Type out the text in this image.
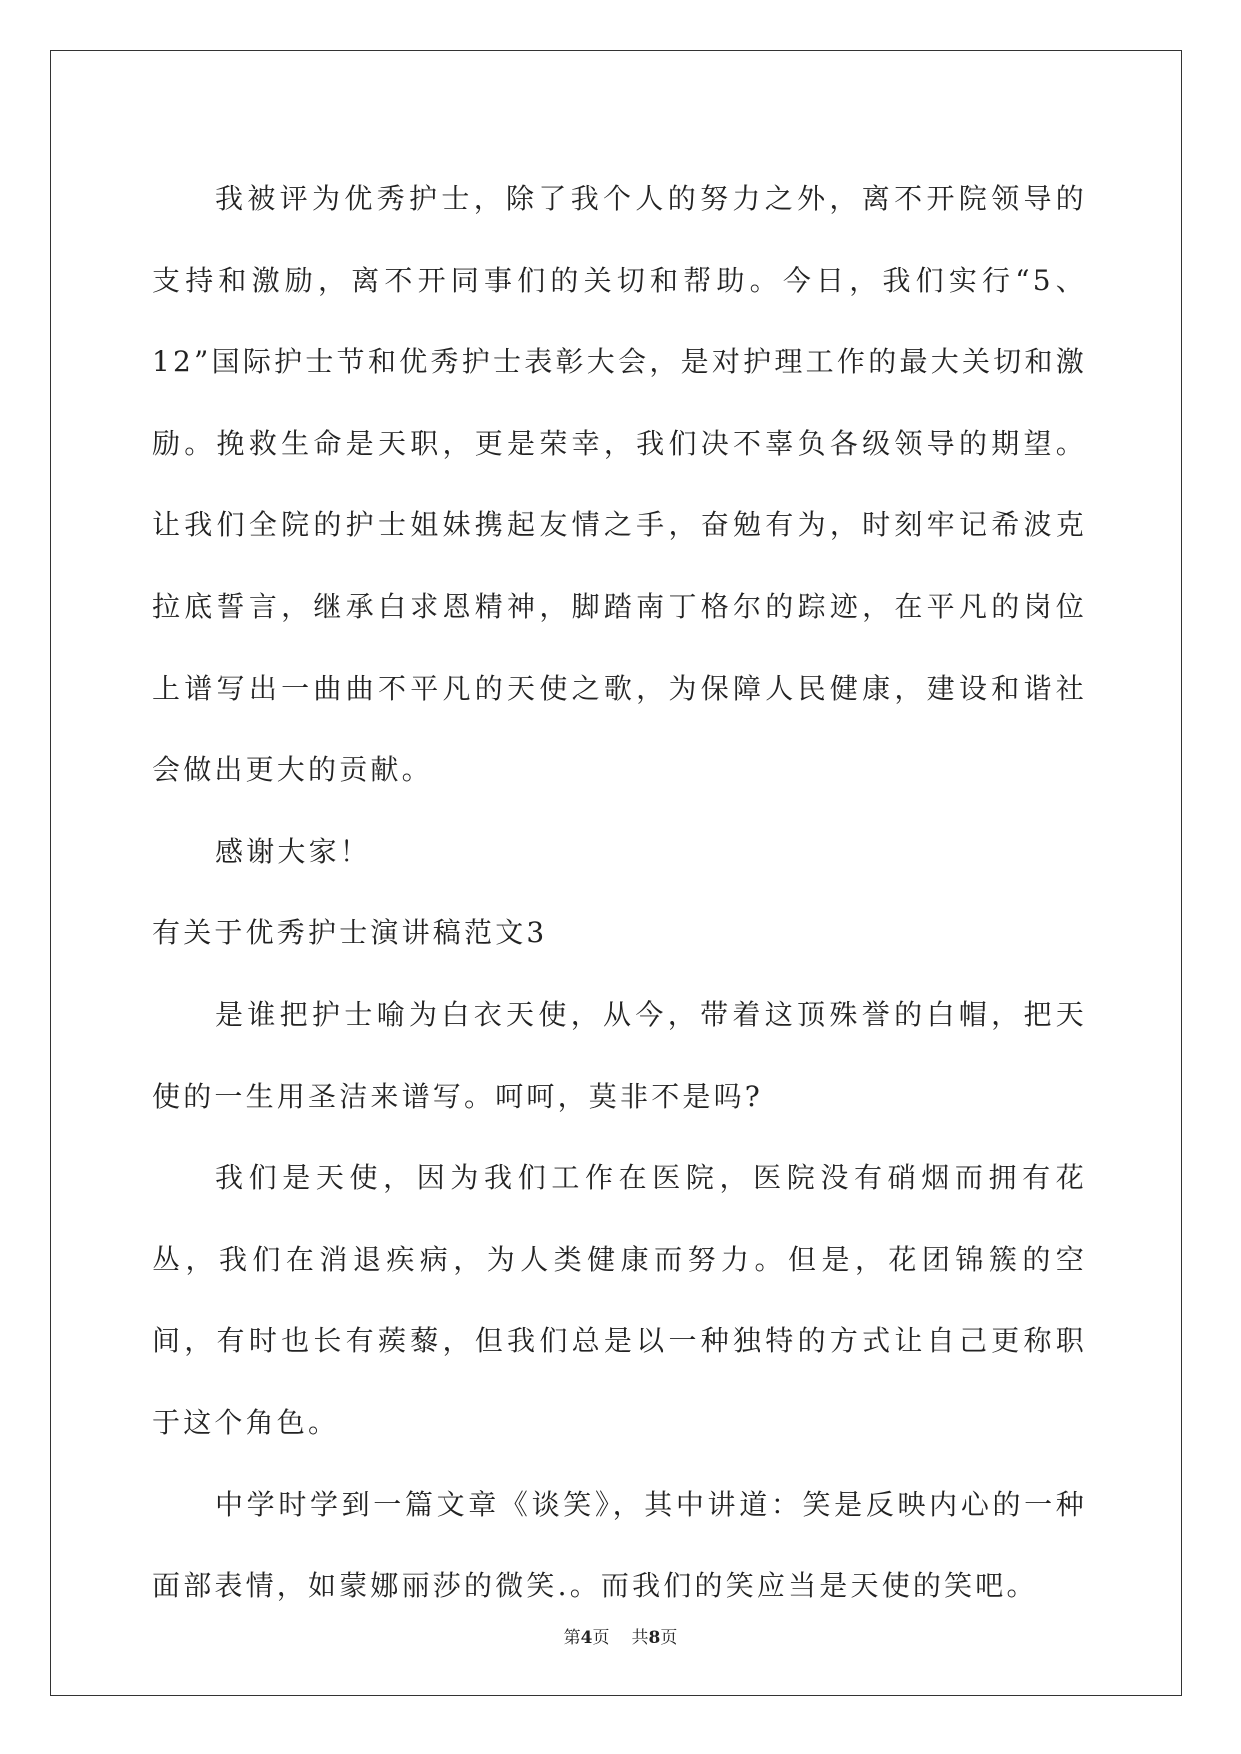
我被评为优秀护士，除了我个人的努力之外，离不开院领导的支持和激励，离不开同事们的关切和帮助。今日，我们实行“5、12”国际护士节和优秀护士表彰大会，是对护理工作的最大关切和激励。挽救生命是天职，更是荣幸，我们决不辜负各级领导的期望。让我们全院的护士姐妹携起友情之手，奋勉有为，时刻牢记希波克拉底誓言，继承白求恩精神，脚踏南丁格尔的踪迹，在平凡的岗位上谱写出一曲曲不平凡的天使之歌，为保障人民健康，建设和谐社会做出更大的贡献。

感谢大家！

有关于优秀护士演讲稿范文3

是谁把护士喻为白衣天使，从今，带着这顶殊誉的白帽，把天使的一生用圣洁来谱写。呵呵，莫非不是吗?

我们是天使，因为我们工作在医院，医院没有硝烟而拥有花丛，我们在消退疾病，为人类健康而努力。但是，花团锦簇的空间，有时也长有蒺藜，但我们总是以一种独特的方式让自己更称职于这个角色。

中学时学到一篇文章《谈笑》，其中讲道：笑是反映内心的一种面部表情，如蒙娜丽莎的微笑.。而我们的笑应当是天使的笑吧。

第4页 共8页
